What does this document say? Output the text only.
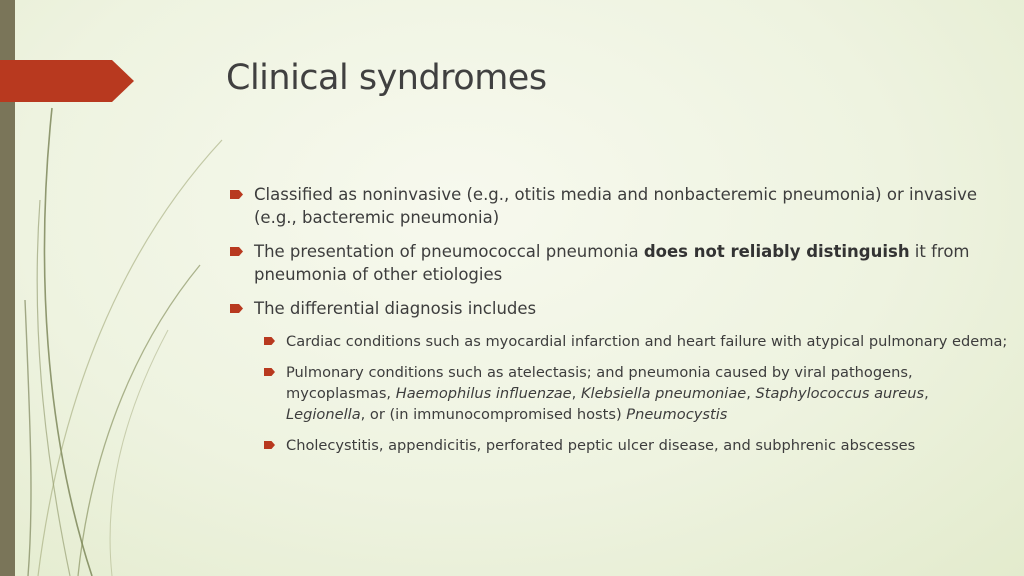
Clinical syndromes
Classified as noninvasive (e.g., otitis media and nonbacteremic pneumonia) or invasive (e.g., bacteremic pneumonia)
The presentation of pneumococcal pneumonia does not reliably distinguish it from pneumonia of other etiologies
The differential diagnosis includes
Cardiac conditions such as myocardial infarction and heart failure with atypical pulmonary edema;
Pulmonary conditions such as atelectasis; and pneumonia caused by viral pathogens, mycoplasmas, Haemophilus influenzae, Klebsiella pneumoniae, Staphylococcus aureus, Legionella, or (in immunocompromised hosts) Pneumocystis
Cholecystitis, appendicitis, perforated peptic ulcer disease, and subphrenic abscesses
